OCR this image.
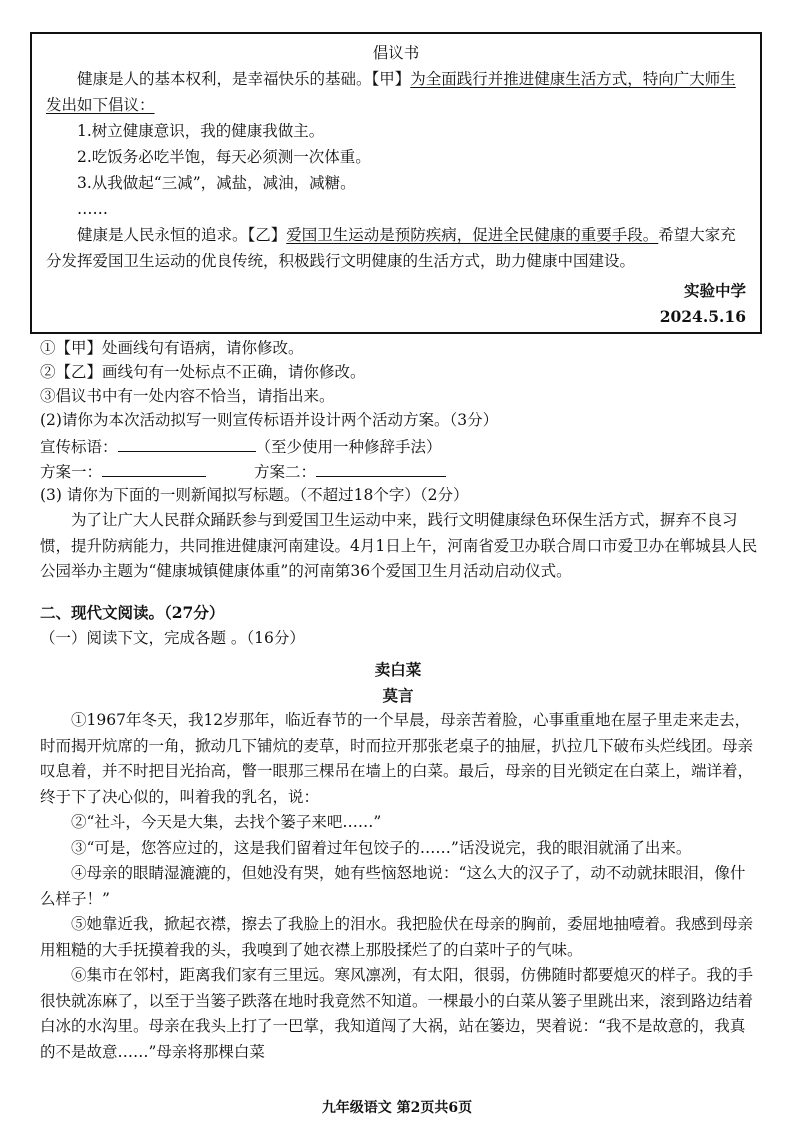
倡议书

健康是人的基本权利，是幸福快乐的基础。【甲】为全面践行并推进健康生活方式，特向广大师生发出如下倡议：

1.树立健康意识，我的健康我做主。

2.吃饭务必吃半饱，每天必须测一次体重。

3.从我做起“三减”，减盐，减油，减糖。

……

健康是人民永恒的追求。【乙】爱国卫生运动是预防疾病，促进全民健康的重要手段。希望大家充分发挥爱国卫生运动的优良传统，积极践行文明健康的生活方式，助力健康中国建设。

实验中学

2024.5.16

①【甲】处画线句有语病，请你修改。
②【乙】画线句有一处标点不正确，请你修改。
③倡议书中有一处内容不恰当，请指出来。
(2)请你为本次活动拟写一则宣传标语并设计两个活动方案。（3分）
宣传标语：	（至少使用一种修辞手法）
方案一：	方案二：
(3) 请你为下面的一则新闻拟写标题。（不超过18个字）（2分）
为了让广大人民群众踊跃参与到爱国卫生运动中来，践行文明健康绿色环保生活方式，摒弃不良习惯，提升防病能力，共同推进健康河南建设。4月1日上午，河南省爱卫办联合周口市爱卫办在郸城县人民公园举办主题为“健康城镇健康体重”的河南第36个爱国卫生月活动启动仪式。

二、现代文阅读。（27分）

（一）阅读下文，完成各题 。（16分）

卖白菜

莫言

①1967年冬天，我12岁那年，临近春节的一个早晨，母亲苦着脸，心事重重地在屋子里走来走去，时而揭开炕席的一角，掀动几下铺炕的麦草，时而拉开那张老桌子的抽屉，扒拉几下破布头烂线团。母亲叹息着，并不时把目光抬高，瞥一眼那三棵吊在墙上的白菜。最后，母亲的目光锁定在白菜上，端详着，终于下了决心似的，叫着我的乳名，说：

②“社斗，今天是大集，去找个篓子来吧……”

③“可是，您答应过的，这是我们留着过年包饺子的……”话没说完，我的眼泪就涌了出来。

④母亲的眼睛湿漉漉的，但她没有哭，她有些恼怒地说：“这么大的汉子了，动不动就抹眼泪，像什么样子！”

⑤她靠近我，掀起衣襟，擦去了我脸上的泪水。我把脸伏在母亲的胸前，委屈地抽噎着。我感到母亲用粗糙的大手抚摸着我的头，我嗅到了她衣襟上那股揉烂了的白菜叶子的气味。

⑥集市在邻村，距离我们家有三里远。寒风凛冽，有太阳，很弱，仿佛随时都要熄灭的样子。我的手很快就冻麻了，以至于当篓子跌落在地时我竟然不知道。一棵最小的白菜从篓子里跳出来，滚到路边结着白冰的水沟里。母亲在我头上打了一巴掌，我知道闯了大祸，站在篓边，哭着说：“我不是故意的，我真的不是故意……”母亲将那棵白菜

九年级语文 第2页共6页
